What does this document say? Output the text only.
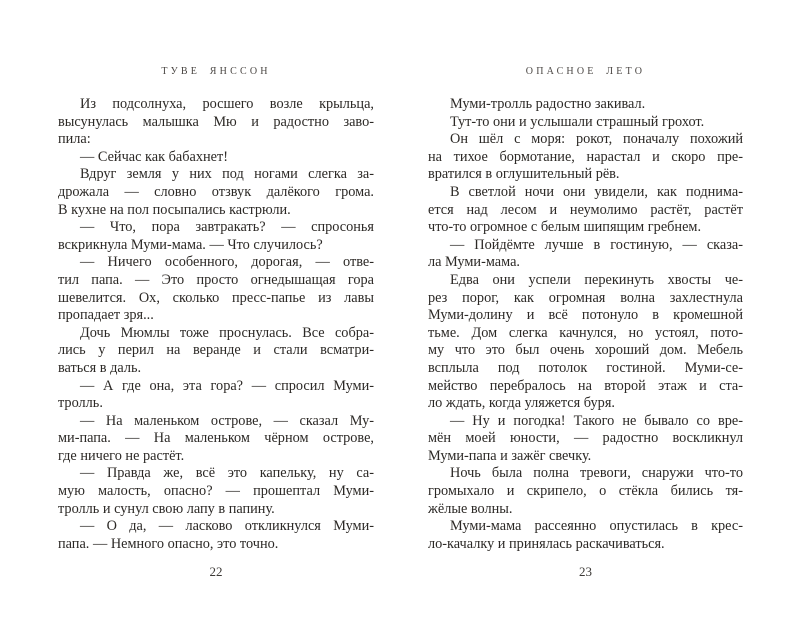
ТУВЕ ЯНССОН
Из подсолнуха, росшего возле крыльца,
высунулась малышка Мю и радостно заво-
пила:
— Сейчас как бабахнет!
Вдруг земля у них под ногами слегка за-
дрожала — словно отзвук далёкого грома.
В кухне на пол посыпались кастрюли.
— Что, пора завтракать? — спросонья
вскрикнула Муми-мама. — Что случилось?
— Ничего особенного, дорогая, — отве-
тил папа. — Это просто огнедышащая гора
шевелится. Ох, сколько пресс-папье из лавы
пропадает зря...
Дочь Мюмлы тоже проснулась. Все собра-
лись у перил на веранде и стали всматри-
ваться в даль.
— А где она, эта гора? — спросил Муми-
тролль.
— На маленьком острове, — сказал Му-
ми-папа. — На маленьком чёрном острове,
где ничего не растёт.
— Правда же, всё это капельку, ну са-
мую малость, опасно? — прошептал Муми-
тролль и сунул свою лапу в папину.
— О да, — ласково откликнулся Муми-
папа. — Немного опасно, это точно.
22
ОПАСНОЕ ЛЕТО
Муми-тролль радостно закивал.
Тут-то они и услышали страшный грохот.
Он шёл с моря: рокот, поначалу похожий
на тихое бормотание, нарастал и скоро пре-
вратился в оглушительный рёв.
В светлой ночи они увидели, как поднима-
ется над лесом и неумолимо растёт, растёт
что-то огромное с белым шипящим гребнем.
— Пойдёмте лучше в гостиную, — сказа-
ла Муми-мама.
Едва они успели перекинуть хвосты че-
рез порог, как огромная волна захлестнула
Муми-долину и всё потонуло в кромешной
тьме. Дом слегка качнулся, но устоял, пото-
му что это был очень хороший дом. Мебель
всплыла под потолок гостиной. Муми-се-
мейство перебралось на второй этаж и ста-
ло ждать, когда уляжется буря.
— Ну и погодка! Такого не бывало со вре-
мён моей юности, — радостно воскликнул
Муми-папа и зажёг свечку.
Ночь была полна тревоги, снаружи что-то
громыхало и скрипело, о стёкла бились тя-
жёлые волны.
Муми-мама рассеянно опустилась в крес-
ло-качалку и принялась раскачиваться.
23
